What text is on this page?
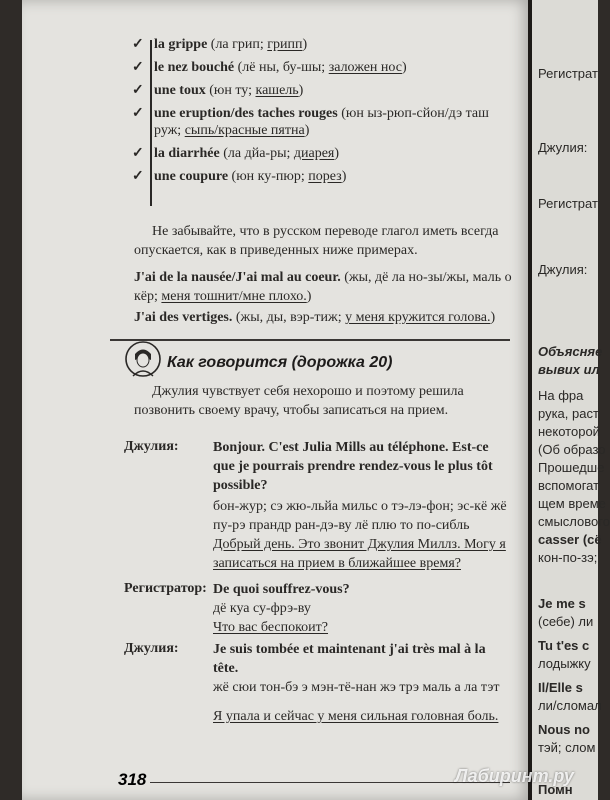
✓ la grippe (ла грип; грипп)
✓ le nez bouché (лё ны, бу-шы; заложен нос)
✓ une toux (юн ту; кашель)
✓ une eruption/des taches rouges (юн ыз-рюп-сйон/дэ таш руж; сыпь/красные пятна)
✓ la diarrhée (ла дйа-ры; диарея)
✓ une coupure (юн ку-пюр; порез)
Не забывайте, что в русском переводе глагол иметь всегда опускается, как в приведенных ниже примерах.
J'ai de la nausée/J'ai mal au coeur. (жы, дё ла но-зы/жы, маль о кёр; меня тошнит/мне плохо.)
J'ai des vertiges. (жы, ды, вэр-тиж; у меня кружится голова.)
Как говорится (дорожка 20)
Джулия чувствует себя нехорошо и поэтому решила позвонить своему врачу, чтобы записаться на прием.
Джулия: Bonjour. C'est Julia Mills au téléphone. Est-ce que je pourrais prendre rendez-vous le plus tôt possible?
бон-жур; сэ жю-льйа мильс о тэ-лэ-фон; эс-кё жё пу-рэ прандр ран-дэ-ву лё плю то по-сибль
Добрый день. Это звонит Джулия Миллз. Могу я записаться на прием в ближайшее время?
Регистратор: De quoi souffrez-vous?
дё куа су-фрэ-ву
Что вас беспокоит?
Джулия: Je suis tombée et maintenant j'ai très mal à la tête.
жё сюи тон-бэ э мэн-тё-нан жэ трэ маль а ла тэт
Я упала и сейчас у меня сильная головная боль.
318
Регистрат
Джулия:
Регистрат
Джулия:
Объясняе
вывих ил
На фра
рука, раст
некоторой
(Об образо
Прошедше
вспомогат
щем време
смыслового
casser (сё
кон-по-зэ;
Je me s
(себе) ли
Tu t'es c
лодыжку
Il/Elle s
ли/сломал
Nous no
тэй; слом
Помн
Лабиринт.ру
